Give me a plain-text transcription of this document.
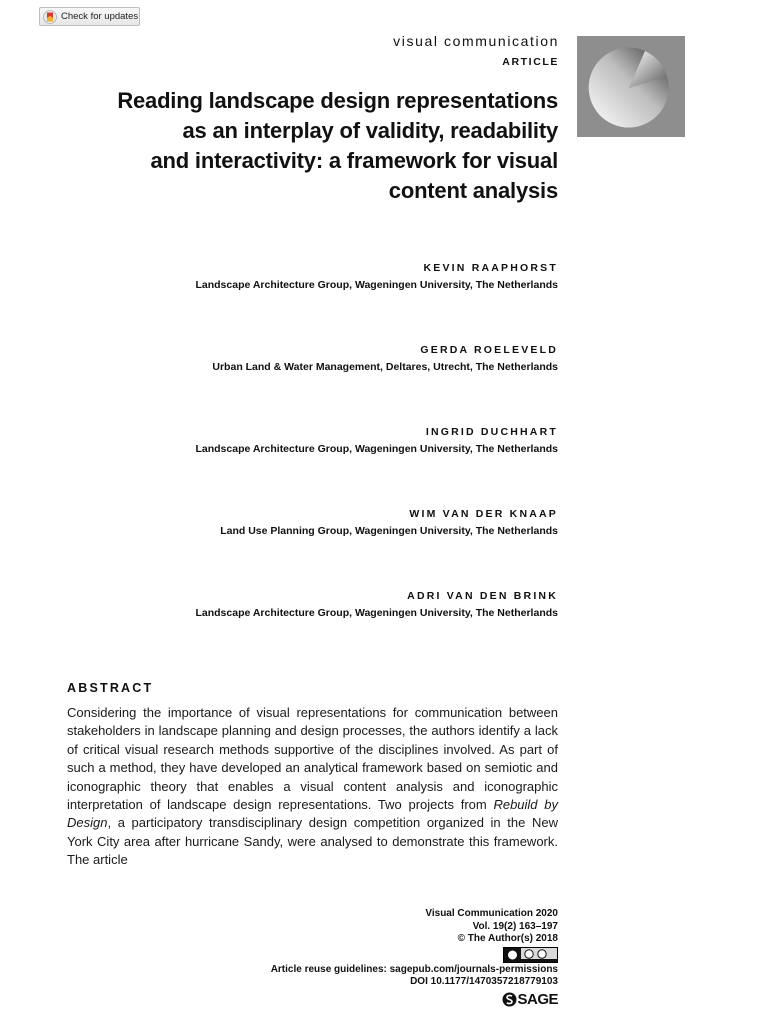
Check for updates
visual communication
ARTICLE
Reading landscape design representations
as an interplay of validity, readability
and interactivity: a framework for visual
content analysis
KEVIN RAAPHORST
Landscape Architecture Group, Wageningen University, The Netherlands
GERDA ROELEVELD
Urban Land & Water Management, Deltares, Utrecht, The Netherlands
INGRID DUCHHART
Landscape Architecture Group, Wageningen University, The Netherlands
WIM VAN DER KNAAP
Land Use Planning Group, Wageningen University, The Netherlands
ADRI VAN DEN BRINK
Landscape Architecture Group, Wageningen University, The Netherlands
ABSTRACT
Considering the importance of visual representations for communication between stakeholders in landscape planning and design processes, the authors identify a lack of critical visual research methods supportive of the disciplines involved. As part of such a method, they have developed an analytical framework based on semiotic and iconographic theory that enables a visual content analysis and iconographic interpretation of landscape design representations. Two projects from Rebuild by Design, a participatory transdisciplinary design competition organized in the New York City area after hurricane Sandy, were analysed to demonstrate this framework. The article
Visual Communication 2020
Vol. 19(2) 163–197
© The Author(s) 2018
Article reuse guidelines: sagepub.com/journals-permissions
DOI 10.1177/1470357218779103
SAGE
